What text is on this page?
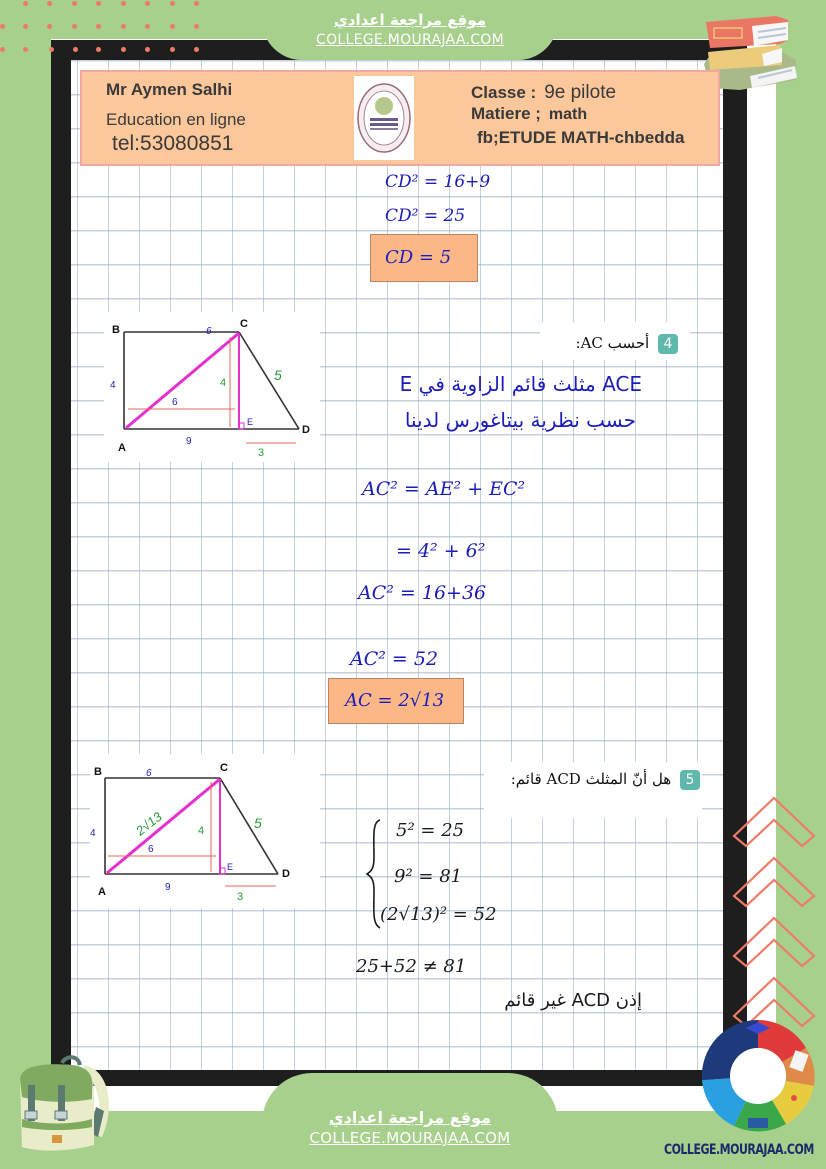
موقع مراجعة اعدادي
COLLEGE.MOURAJAA.COM
Mr Aymen Salhi
Education en ligne
tel:53080851
Classe : 9e pilote
Matiere ; math
fb;ETUDE MATH-chbedda
CD² = 16+9
CD² = 25
CD = 5
6
4	4	5
6
9
E
3
B	C
A
D
4 أحسب AC:
ACE مثلث قائم الزاوية في E
حسب نظرية بيتاغورس لدينا
AC² = AE² + EC²
= 4² + 6²
AC² = 16+36
AC² = 52
AC = 2√13
6
4	2√13	4	5
6
9
E
3
B	C
A
D
5 هل أنّ المثلث ACD قائم:
5² = 25
9² = 81
(2√13)² = 52
25+52 ≠ 81
إذن ACD غير قائم
موقع مراجعة اعدادي
COLLEGE.MOURAJAA.COM
COLLEGE.MOURAJAA.COM
